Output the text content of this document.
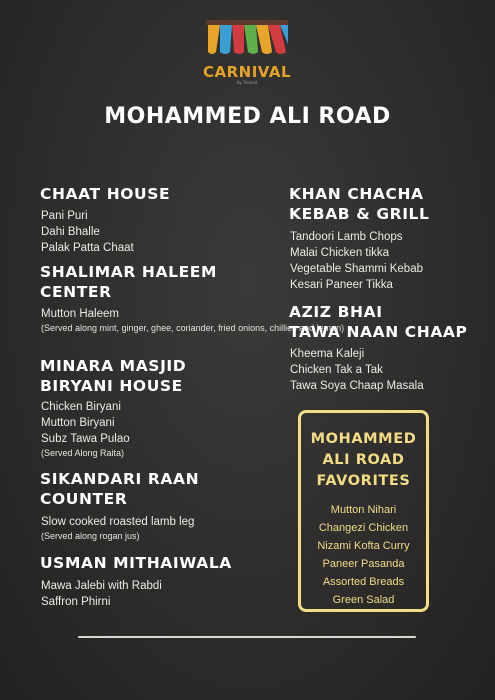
CARNIVAL
by Tresind
MOHAMMED ALI ROAD
CHAAT HOUSE
Pani Puri
Dahi Bhalle
Palak Patta Chaat
SHALIMAR HALEEM
CENTER
Mutton Haleem
(Served along mint, ginger, ghee, coriander, fried onions, chillies and lemon)
MINARA MASJID
BIRYANI HOUSE
Chicken Biryani
Mutton Biryani
Subz Tawa Pulao
(Served Along Raita)
SIKANDARI RAAN
COUNTER
Slow cooked roasted lamb leg
(Served along rogan jus)
USMAN MITHAIWALA
Mawa Jalebi with Rabdi
Saffron Phirni
KHAN CHACHA
KEBAB & GRILL
Tandoori Lamb Chops
Malai Chicken tikka
Vegetable Shammi Kebab
Kesari Paneer Tikka
AZIZ BHAI
TAWA NAAN CHAAP
Kheema Kaleji
Chicken Tak a Tak
Tawa Soya Chaap Masala
MOHAMMED
ALI ROAD
FAVORITES
Mutton Nihari
Changezi Chicken
Nizami Kofta Curry
Paneer Pasanda
Assorted Breads
Green Salad
